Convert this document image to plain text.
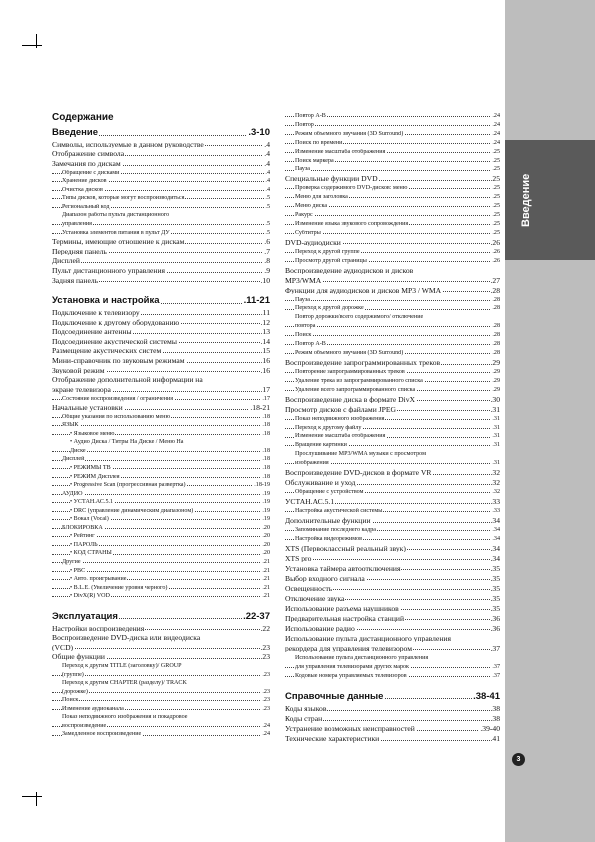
Введение
Содержание
Введение	.3-10
Символы, используемые в данном руководстве	.4
Отображение символа	.4
Замечания по дискам	.4
Обращение с дисками	.4
Хранение дисков	.4
Очистка дисков	.4
Типы дисков, которые могут воспроизводиться	.5
Региональный код	.5
Диапазон работы пульта дистанционного
управления	.5
Установка элементов питания в пульт ДУ	.5
Термины, имеющие отношение к дискам	.6
Передняя панель	.7
Дисплей	.8
Пульт дистанционного управления	.9
Задняя панель	.10
Установка и настройка	.11-21
Подключение к телевизору	.11
Подключение к другому оборудованию	.12
Подсоединение антенны	.13
Подсоединение акустической системы	.14
Размещение акустических систем	.15
Мини-справочник по звуковым режимам	.16
Звуковой режим	.16
Отображение дополнительной информации на
экране телевизора	.17
Состояние воспроизведения / ограничения	.17
Начальные установки	.18-21
Общие указания по использованию меню	.18
ЯЗЫК	.18
• Языковое меню	.18
• Аудио Диска / Титры На Диске / Меню На
Диске	.18
Дисплей	.18
• РЕЖИМЫ ТВ	.18
• РЕЖИМ Дисплея	.18
• Progressive Scan (прогрессивная развертка)	.18-19
АУДИО	.19
• УСТАН.АС.5.1	.19
• DRC (управление динамическим диапазоном)	.19
• Вокал (Vocal)	.19
БЛОКИРОВКА	.20
• Рейтинг	.20
• ПАРОЛЬ	.20
• КОД СТРАНЫ	.20
Другие	.21
• PBC	.21
• Авто. проигрывание	.21
• B.L.E. (Увеличение уровня черного)	.21
• DivX(R) VOD	.21
Эксплуатация	.22-37
Настройки воспроизведения	.22
Воспроизведение DVD-диска или видеодиска
(VCD)	.23
Общие функции	.23
Переход к другим TITLE (заголовку)/ GROUP
(группе)	.23
Переход к другим CHAPTER (разделу)/ TRACK
(дорожке)	.23
Поиск	.23
Изменение аудиоканала	.23
Показ неподвижного изображения и покадровое
воспроизведение	.24
Замедленное воспроизведение	.24
Повтор A-B	.24
Повтор	.24
Режим объемного звучания (3D Surround)	.24
Поиск по времени	.24
Изменение масштаба отображения	.25
Поиск маркера	.25
Пауза	.25
Специальные функции DVD	.25
Проверка содержимого DVD-дисков: меню	.25
Меню для заголовка	.25
Меню диска	.25
Ракурс	.25
Изменение языка звукового сопровождения	.25
Субтитры	.25
DVD-аудиодиски	.26
Переход к другой группе	.26
Просмотр другой страницы	.26
Воспроизведение аудиодисков и дисков
MP3/WMA	.27
Функции для аудиодисков и дисков MP3 / WMA	.28
Пауза	.28
Переход к другой дорожке	.28
Повтор дорожки/всего содержимого/ отключение
повтора	.28
Поиск	.28
Повтор A-B	.28
Режим объемного звучания (3D Surround)	.28
Воспроизведение запрограммированных треков	.29
Повторение запрограммированных треков	.29
Удаление трека из запрограммированного списка	.29
Удаление всего запрограммированного списка	.29
Воспроизведение диска в формате DivX	.30
Просмотр дисков с файлами JPEG	.31
Показ неподвижного изображения	.31
Переход к другому файлу	.31
Изменение масштаба отображения	.31
Вращение картинки	.31
Прослушивание MP3/WMA музыки с просмотром
изображения	.31
Воспроизведение DVD-дисков в формате VR	.32
Обслуживание и уход	.32
Обращение с устройством	.32
УСТАН.АС.5.1	.33
Настройка акустической системы	.33
Дополнительные функции	.34
Запоминание последнего кадра	.34
Настройка видеорежимов	.34
XTS (Первоклассный реальный звук)	.34
XTS pro	.34
Установка таймера автоотключения	.35
Выбор входного сигнала	.35
Освещенность	.35
Отключение звука	.35
Использование разъема наушников	.35
Предварительная настройка станций	.36
Использование радио	.36
Использование пульта дистанционного управления
рекордера для управления телевизором	.37
Использование пульта дистанционного управления
для управления телевизорами других марок	.37
Кодовые номера управляемых телевизоров	.37
Справочные данные	.38-41
Коды языков	.38
Коды стран	.38
Устранение возможных неисправностей	.39-40
Технические характеристики	.41
3
